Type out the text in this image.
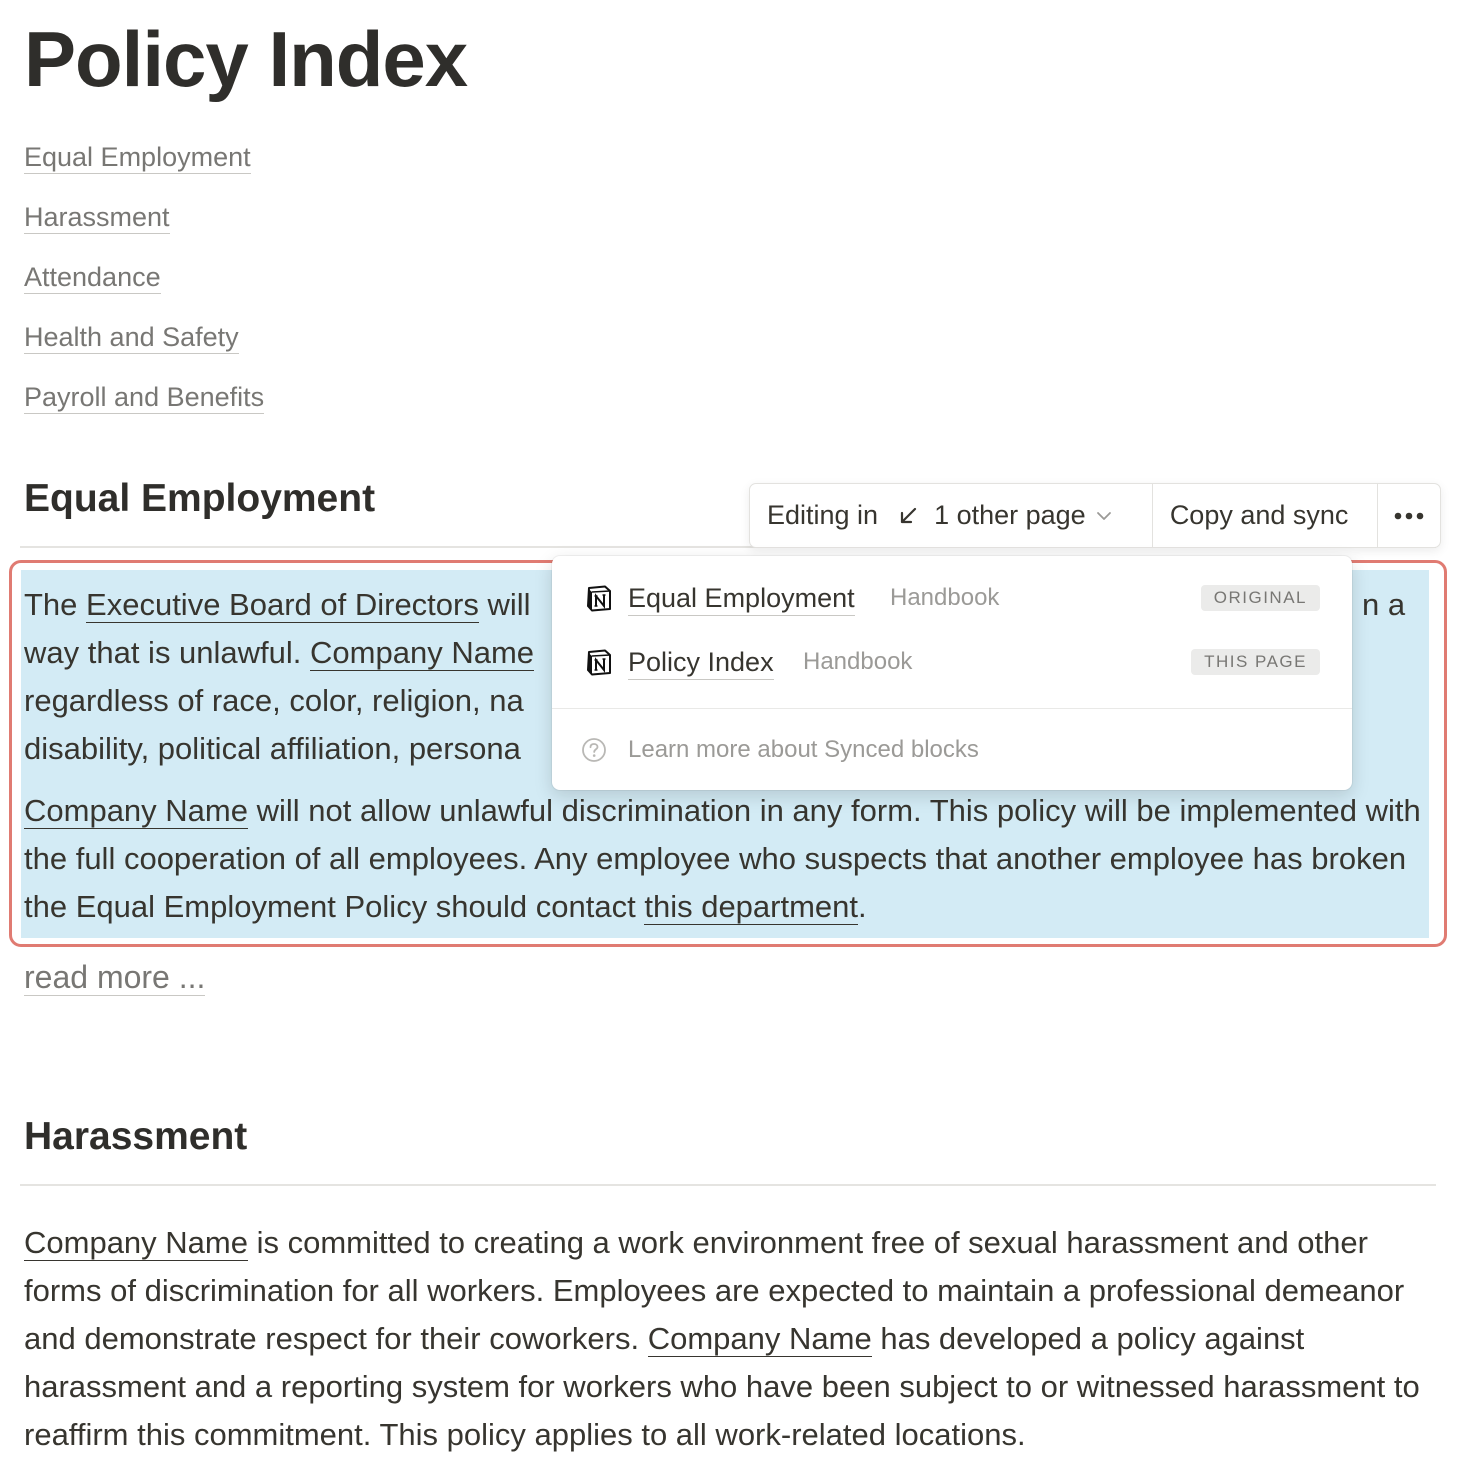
Policy Index
Equal Employment
Harassment
Attendance
Health and Safety
Payroll and Benefits
Equal Employment
The Executive Board of Directors will	n a
way that is unlawful. Company Name
regardless of race, color, religion, na
disability, political affiliation, persona

Company Name will not allow unlawful discrimination in any form. This policy will be implemented with the full cooperation of all employees. Any employee who suspects that another employee has broken the Equal Employment Policy should contact this department.

read more ...
Harassment

Company Name is committed to creating a work environment free of sexual harassment and other forms of discrimination for all workers. Employees are expected to maintain a professional demeanor and demonstrate respect for their coworkers. Company Name has developed a policy against harassment and a reporting system for workers who have been subject to or witnessed harassment to reaffirm this commitment. This policy applies to all work-related locations.

Editing in 1 other page	Copy and sync
Equal Employment Handbook	ORIGINAL
Policy Index Handbook	THIS PAGE
Learn more about Synced blocks
